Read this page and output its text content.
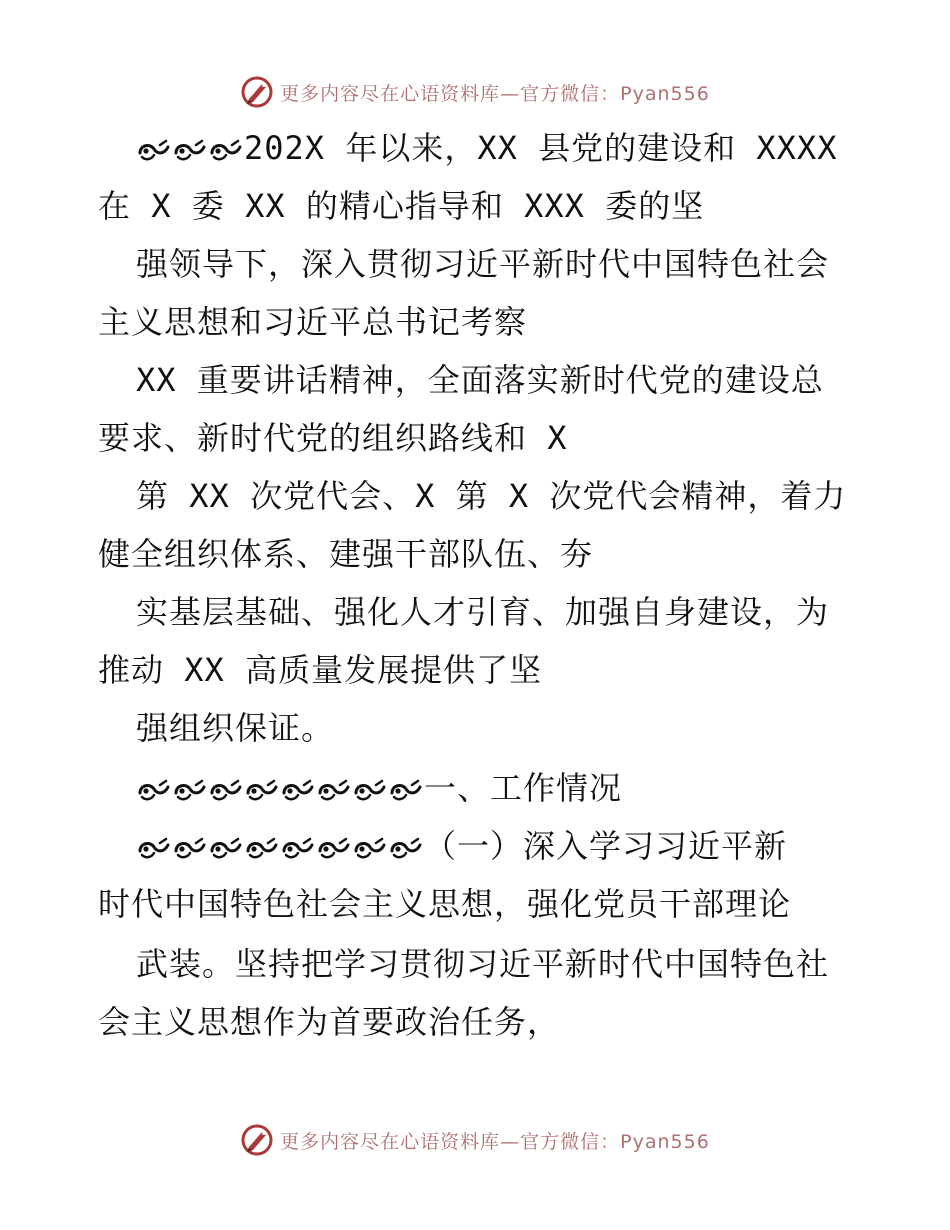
更多内容尽在心语资料库—官方微信：Pyan556
202X 年以来，XX 县党的建设和 XXXX
在 X 委 XX 的精心指导和 XXX 委的坚
强领导下，深入贯彻习近平新时代中国特色社会
主义思想和习近平总书记考察
XX 重要讲话精神，全面落实新时代党的建设总
要求、新时代党的组织路线和 X
第 XX 次党代会、X 第 X 次党代会精神，着力
健全组织体系、建强干部队伍、夯
实基层基础、强化人才引育、加强自身建设，为
推动 XX 高质量发展提供了坚
强组织保证。
一、工作情况
（一）深入学习习近平新
时代中国特色社会主义思想，强化党员干部理论
武装。坚持把学习贯彻习近平新时代中国特色社
会主义思想作为首要政治任务，
更多内容尽在心语资料库—官方微信：Pyan556
